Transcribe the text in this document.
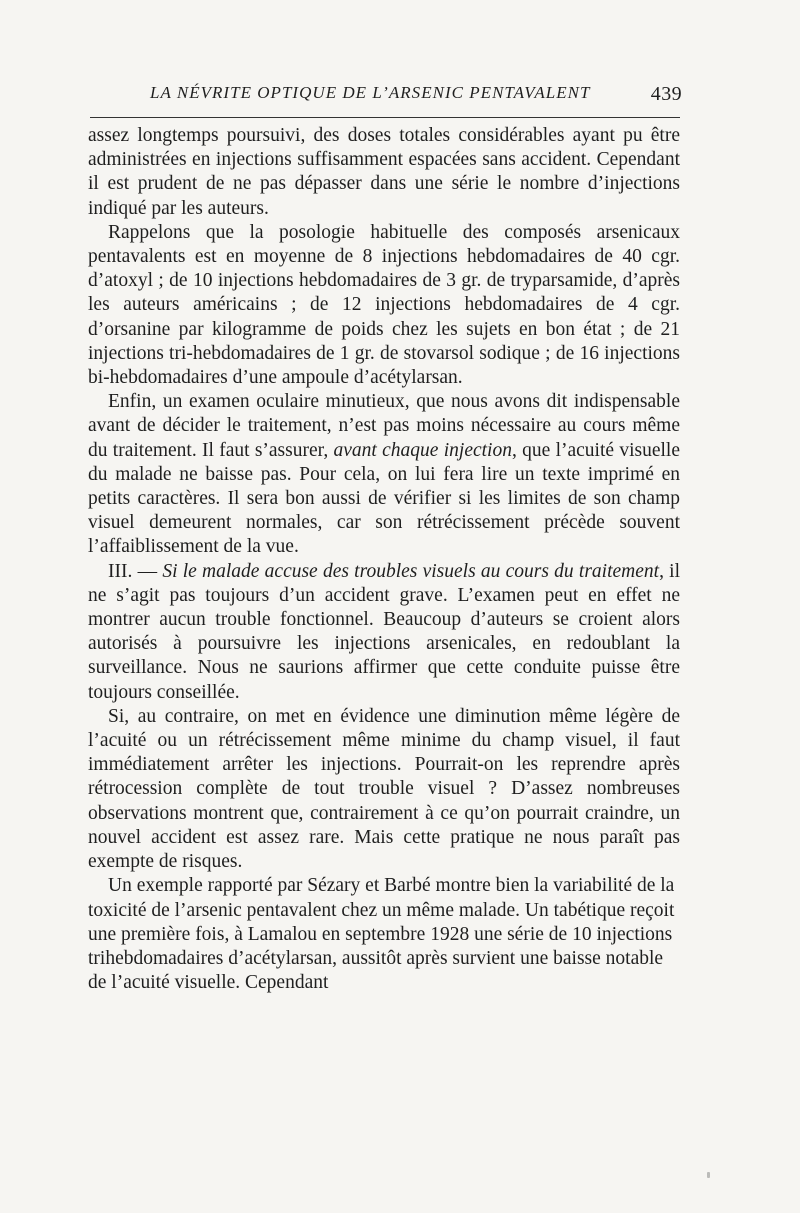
LA NÉVRITE OPTIQUE DE L’ARSENIC PENTAVALENT	439

assez longtemps poursuivi, des doses totales considérables ayant pu être administrées en injections suffisamment espacées sans accident. Cependant il est prudent de ne pas dépasser dans une série le nombre d’injections indiqué par les auteurs.

Rappelons que la posologie habituelle des composés arsenicaux pentavalents est en moyenne de 8 injections hebdomadaires de 40 cgr. d’atoxyl ; de 10 injections hebdomadaires de 3 gr. de tryparsamide, d’après les auteurs américains ; de 12 injections hebdomadaires de 4 cgr. d’orsanine par kilogramme de poids chez les sujets en bon état ; de 21 injections tri-hebdomadaires de 1 gr. de stovarsol sodique ; de 16 injections bi-hebdomadaires d’une ampoule d’acétylarsan.

Enfin, un examen oculaire minutieux, que nous avons dit indispensable avant de décider le traitement, n’est pas moins nécessaire au cours même du traitement. Il faut s’assurer, avant chaque injection, que l’acuité visuelle du malade ne baisse pas. Pour cela, on lui fera lire un texte imprimé en petits caractères. Il sera bon aussi de vérifier si les limites de son champ visuel demeurent normales, car son rétrécissement précède souvent l’affaiblissement de la vue.

III. — Si le malade accuse des troubles visuels au cours du traitement, il ne s’agit pas toujours d’un accident grave. L’examen peut en effet ne montrer aucun trouble fonctionnel. Beaucoup d’auteurs se croient alors autorisés à poursuivre les injections arsenicales, en redoublant la surveillance. Nous ne saurions affirmer que cette conduite puisse être toujours conseillée.

Si, au contraire, on met en évidence une diminution même légère de l’acuité ou un rétrécissement même minime du champ visuel, il faut immédiatement arrêter les injections. Pourrait-on les reprendre après rétrocession complète de tout trouble visuel ? D’assez nombreuses observations montrent que, contrairement à ce qu’on pourrait craindre, un nouvel accident est assez rare. Mais cette pratique ne nous paraît pas exempte de risques.

Un exemple rapporté par Sézary et Barbé montre bien la variabilité de la toxicité de l’arsenic pentavalent chez un même malade. Un tabétique reçoit une première fois, à Lamalou en septembre 1928 une série de 10 injections trihebdomadaires d’acétylarsan, aussitôt après survient une baisse notable de l’acuité visuelle. Cependant
